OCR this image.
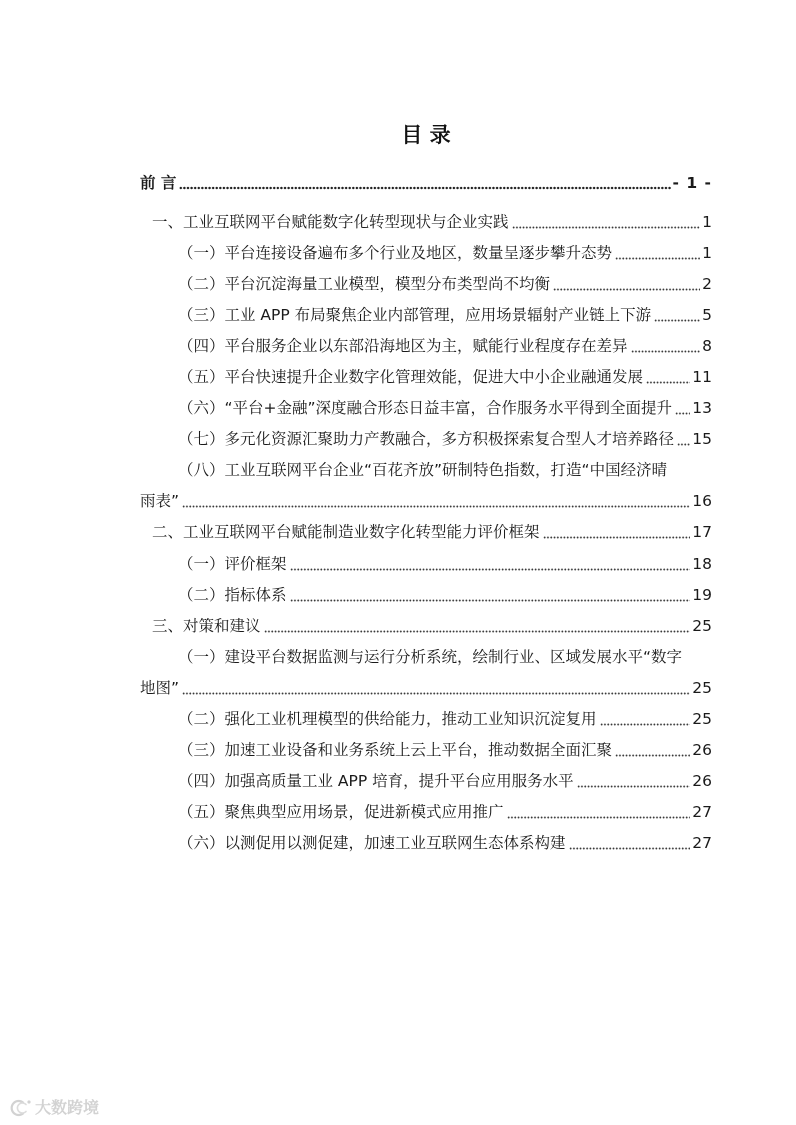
目 录
前 言	- 1 -
一、工业互联网平台赋能数字化转型现状与企业实践	1
（一）平台连接设备遍布多个行业及地区，数量呈逐步攀升态势	1
（二）平台沉淀海量工业模型，模型分布类型尚不均衡	2
（三）工业 APP 布局聚焦企业内部管理，应用场景辐射产业链上下游	5
（四）平台服务企业以东部沿海地区为主，赋能行业程度存在差异	8
（五）平台快速提升企业数字化管理效能，促进大中小企业融通发展	11
（六）“平台+金融”深度融合形态日益丰富，合作服务水平得到全面提升 13
（七）多元化资源汇聚助力产教融合，多方积极探索复合型人才培养路径 15
（八）工业互联网平台企业“百花齐放”研制特色指数，打造“中国经济晴
雨表”	16
二、工业互联网平台赋能制造业数字化转型能力评价框架	17
（一）评价框架	18
（二）指标体系	19
三、对策和建议	25
（一）建设平台数据监测与运行分析系统，绘制行业、区域发展水平“数字
地图”	25
（二）强化工业机理模型的供给能力，推动工业知识沉淀复用	25
（三）加速工业设备和业务系统上云上平台，推动数据全面汇聚	26
（四）加强高质量工业 APP 培育，提升平台应用服务水平	26
（五）聚焦典型应用场景，促进新模式应用推广	27
（六）以测促用以测促建，加速工业互联网生态体系构建	27
大数跨境
